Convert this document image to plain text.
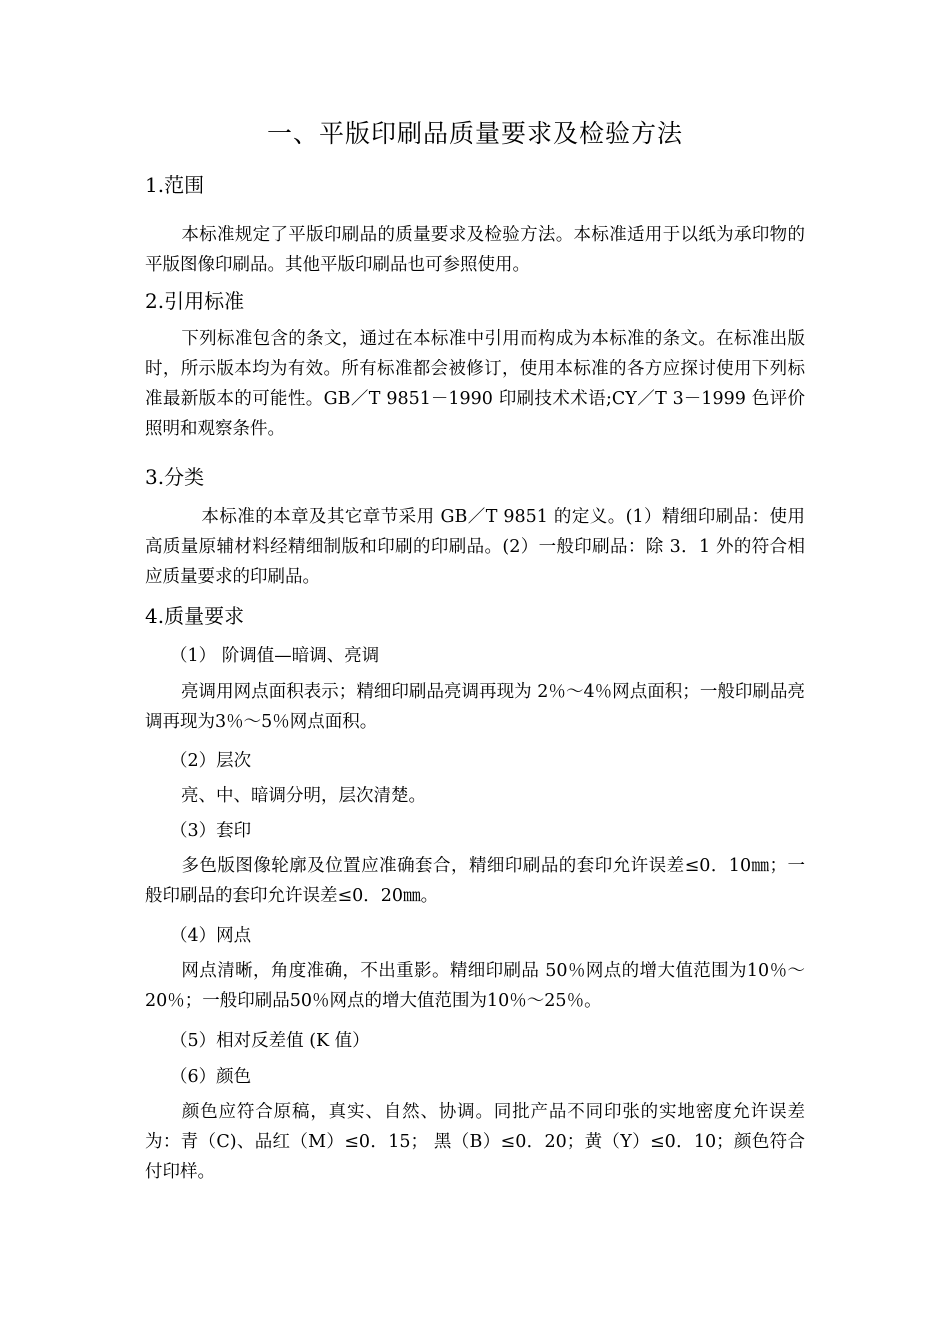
一、平版印刷品质量要求及检验方法
1.范围
本标准规定了平版印刷品的质量要求及检验方法。本标准适用于以纸为承印物的平版图像印刷品。其他平版印刷品也可参照使用。
2.引用标准
下列标准包含的条文，通过在本标准中引用而构成为本标准的条文。在标准出版时，所示版本均为有效。所有标准都会被修订，使用本标准的各方应探讨使用下列标准最新版本的可能性。GB／T 9851－1990 印刷技术术语;CY／T 3－1999 色评价照明和观察条件。
3.分类
本标准的本章及其它章节采用 GB／T 9851 的定义。(1）精细印刷品：使用高质量原辅材料经精细制版和印刷的印刷品。(2）一般印刷品：除 3．1 外的符合相应质量要求的印刷品。
4.质量要求
（1） 阶调值—暗调、亮调
亮调用网点面积表示；精细印刷品亮调再现为 2％～4％网点面积；一般印刷品亮调再现为3％～5％网点面积。
（2）层次
亮、中、暗调分明，层次清楚。
（3）套印
多色版图像轮廓及位置应准确套合，精细印刷品的套印允许误差≤0．10㎜；一般印刷品的套印允许误差≤0．20㎜。
（4）网点
网点清晰，角度准确，不出重影。精细印刷品 50％网点的增大值范围为10％～20％；一般印刷品50％网点的增大值范围为10％～25％。
（5）相对反差值 (K 值）
（6）颜色
颜色应符合原稿，真实、自然、协调。同批产品不同印张的实地密度允许误差为：青（C)、品红（M）≤0．15； 黑（B）≤0．20；黄（Y）≤0．10；颜色符合付印样。
